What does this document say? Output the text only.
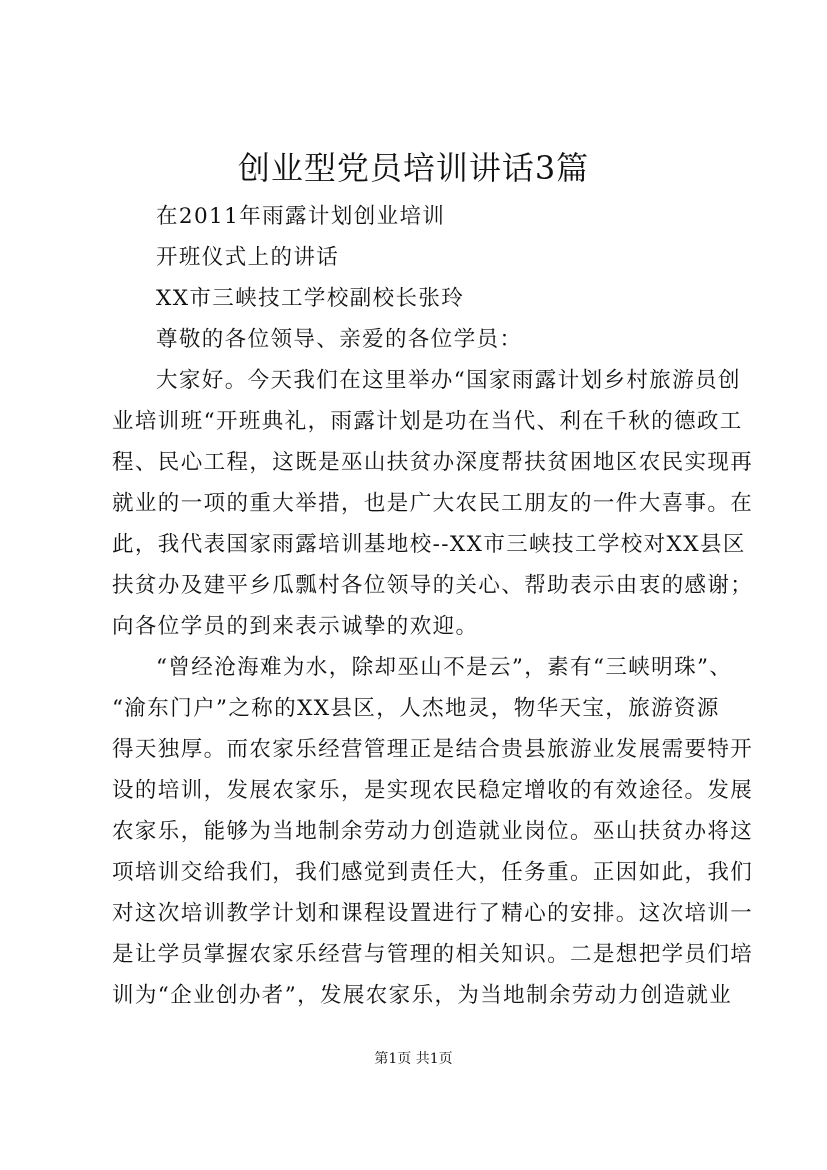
创业型党员培训讲话3篇
在2011年雨露计划创业培训
开班仪式上的讲话
XX市三峡技工学校副校长张玲
尊敬的各位领导、亲爱的各位学员：
大家好。今天我们在这里举办“国家雨露计划乡村旅游员创
业培训班“开班典礼，雨露计划是功在当代、利在千秋的德政工
程、民心工程，这既是巫山扶贫办深度帮扶贫困地区农民实现再
就业的一项的重大举措，也是广大农民工朋友的一件大喜事。在
此，我代表国家雨露培训基地校--XX市三峡技工学校对XX县区
扶贫办及建平乡瓜瓢村各位领导的关心、帮助表示由衷的感谢；
向各位学员的到来表示诚挚的欢迎。
“曾经沧海难为水，除却巫山不是云”，素有“三峡明珠”、
“渝东门户”之称的XX县区，人杰地灵，物华天宝，旅游资源
得天独厚。而农家乐经营管理正是结合贵县旅游业发展需要特开
设的培训，发展农家乐，是实现农民稳定增收的有效途径。发展
农家乐，能够为当地制余劳动力创造就业岗位。巫山扶贫办将这
项培训交给我们，我们感觉到责任大，任务重。正因如此，我们
对这次培训教学计划和课程设置进行了精心的安排。这次培训一
是让学员掌握农家乐经营与管理的相关知识。二是想把学员们培
训为“企业创办者”，发展农家乐，为当地制余劳动力创造就业
第1页 共1页
